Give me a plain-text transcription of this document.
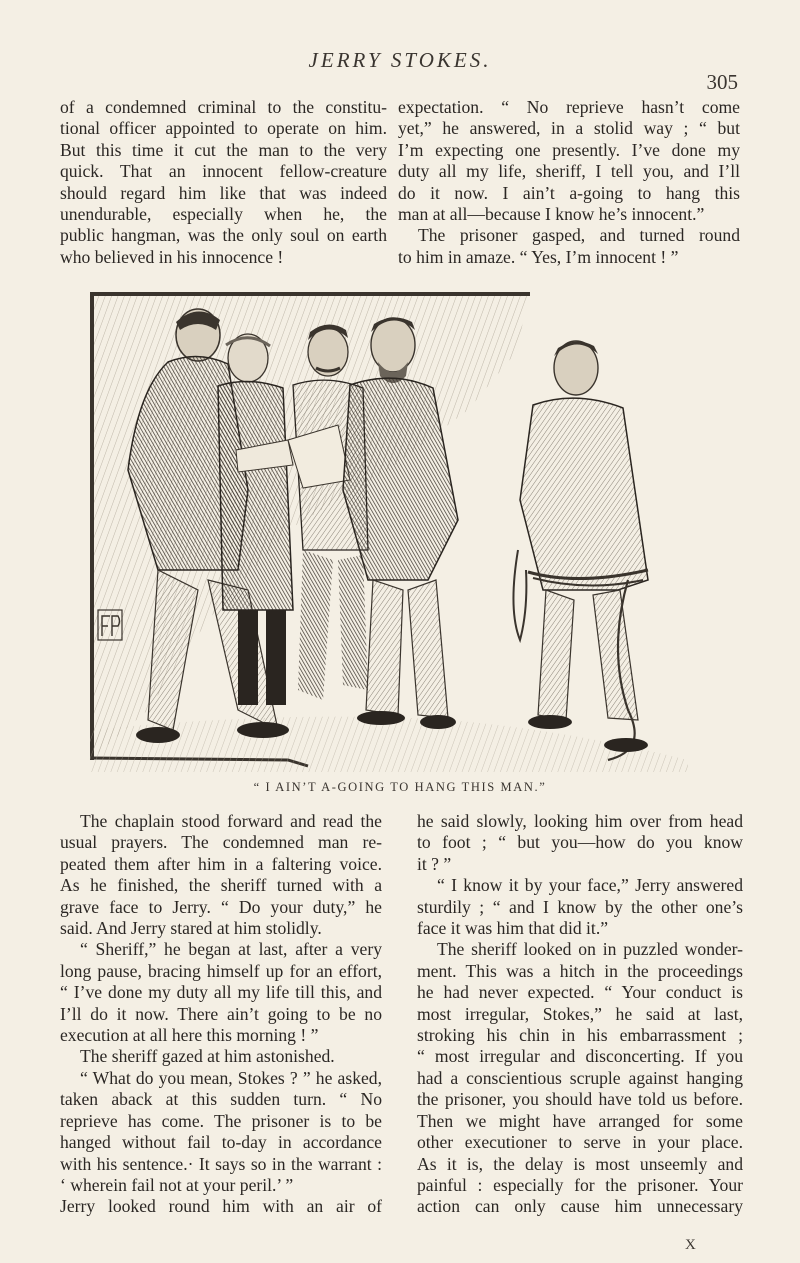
JERRY STOKES.
305
of a condemned criminal to the constitu-
tional officer appointed to operate on him.
But this time it cut the man to the very
quick. That an innocent fellow-creature
should regard him like that was indeed
unendurable, especially when he, the
public hangman, was the only soul on earth
who believed in his innocence !
expectation. “ No reprieve hasn’t come
yet,” he answered, in a stolid way ; “ but
I’m expecting one presently. I’ve done my
duty all my life, sheriff, I tell you, and I’ll
do it now. I ain’t a-going to hang this
man at all—because I know he’s innocent.”
The prisoner gasped, and turned round
to him in amaze. “ Yes, I’m innocent ! ”
“ I AIN’T A-GOING TO HANG THIS MAN.”
The chaplain stood forward and read the
usual prayers. The condemned man re-
peated them after him in a faltering voice.
As he finished, the sheriff turned with a
grave face to Jerry. “ Do your duty,” he
said. And Jerry stared at him stolidly.
“ Sheriff,” he began at last, after a very
long pause, bracing himself up for an effort,
“ I’ve done my duty all my life till this, and
I’ll do it now. There ain’t going to be no
execution at all here this morning ! ”
The sheriff gazed at him astonished.
“ What do you mean, Stokes ? ” he asked,
taken aback at this sudden turn. “ No
reprieve has come. The prisoner is to be
hanged without fail to-day in accordance
with his sentence.· It says so in the warrant :
‘ wherein fail not at your peril.’ ”
Jerry looked round him with an air of
he said slowly, looking him over from head
to foot ; “ but you—how do you know
it ? ”
“ I know it by your face,” Jerry answered
sturdily ; “ and I know by the other one’s
face it was him that did it.”
The sheriff looked on in puzzled wonder-
ment. This was a hitch in the proceedings
he had never expected. “ Your conduct is
most irregular, Stokes,” he said at last,
stroking his chin in his embarrassment ;
“ most irregular and disconcerting. If you
had a conscientious scruple against hanging
the prisoner, you should have told us before.
Then we might have arranged for some
other executioner to serve in your place.
As it is, the delay is most unseemly and
painful : especially for the prisoner. Your
action can only cause him unnecessary
X
